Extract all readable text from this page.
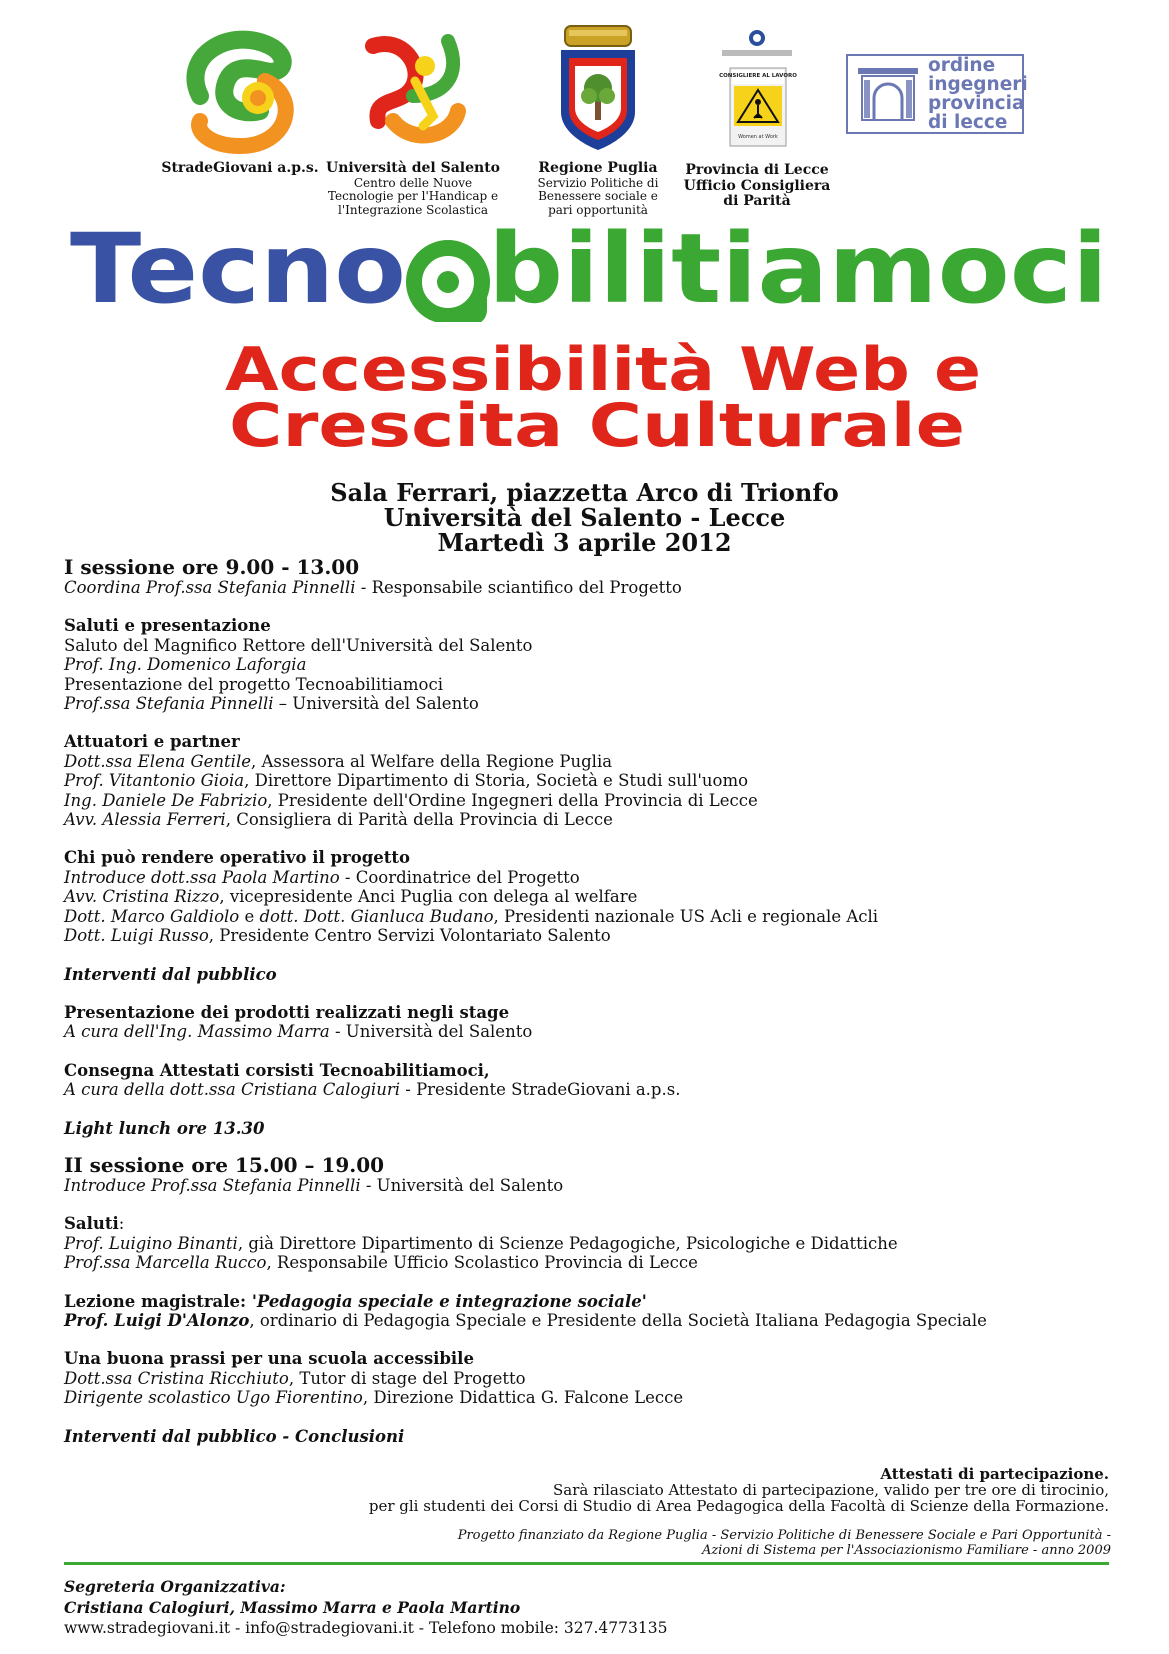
StradeGiovani a.p.s. Università del Salento
Centro delle Nuove
Tecnologie per l'Handicap e
l'Integrazione Scolastica
Regione Puglia
Servizio Politiche di
Benessere sociale e
pari opportunità
CONSIGLIERE AL LAVORO
Women at Work
Provincia di Lecce
Ufficio Consigliera
di Parità
ordine
ingegneri
provincia
di lecce
Tecno bilitiamoci
Accessibilità Web e
Crescita Culturale
Sala Ferrari, piazzetta Arco di Trionfo
Università del Salento - Lecce
Martedì 3 aprile 2012

I sessione ore 9.00 - 13.00

Coordina Prof.ssa Stefania Pinnelli - Responsabile sciantifico del Progetto

Saluti e presentazione

Saluto del Magnifico Rettore dell'Università del Salento

Prof. Ing. Domenico Laforgia

Presentazione del progetto Tecnoabilitiamoci

Prof.ssa Stefania Pinnelli – Università del Salento

Attuatori e partner

Dott.ssa Elena Gentile, Assessora al Welfare della Regione Puglia

Prof. Vitantonio Gioia, Direttore Dipartimento di Storia, Società e Studi sull'uomo

Ing. Daniele De Fabrizio, Presidente dell'Ordine Ingegneri della Provincia di Lecce

Avv. Alessia Ferreri, Consigliera di Parità della Provincia di Lecce

Chi può rendere operativo il progetto

Introduce dott.ssa Paola Martino - Coordinatrice del Progetto

Avv. Cristina Rizzo, vicepresidente Anci Puglia con delega al welfare

Dott. Marco Galdiolo e dott. Dott. Gianluca Budano, Presidenti nazionale US Acli e regionale Acli

Dott. Luigi Russo, Presidente Centro Servizi Volontariato Salento

Interventi dal pubblico

Presentazione dei prodotti realizzati negli stage

A cura dell'Ing. Massimo Marra - Università del Salento

Consegna Attestati corsisti Tecnoabilitiamoci,

A cura della dott.ssa Cristiana Calogiuri - Presidente StradeGiovani a.p.s.

Light lunch ore 13.30

II sessione ore 15.00 – 19.00

Introduce Prof.ssa Stefania Pinnelli - Università del Salento

Saluti:

Prof. Luigino Binanti, già Direttore Dipartimento di Scienze Pedagogiche, Psicologiche e Didattiche

Prof.ssa Marcella Rucco, Responsabile Ufficio Scolastico Provincia di Lecce

Lezione magistrale: 'Pedagogia speciale e integrazione sociale'

Prof. Luigi D'Alonzo, ordinario di Pedagogia Speciale e Presidente della Società Italiana Pedagogia Speciale

Una buona prassi per una scuola accessibile

Dott.ssa Cristina Ricchiuto, Tutor di stage del Progetto

Dirigente scolastico Ugo Fiorentino, Direzione Didattica G. Falcone Lecce

Interventi dal pubblico - Conclusioni

Attestati di partecipazione.
Sarà rilasciato Attestato di partecipazione, valido per tre ore di tirocinio,
per gli studenti dei Corsi di Studio di Area Pedagogica della Facoltà di Scienze della Formazione.
Progetto finanziato da Regione Puglia - Servizio Politiche di Benessere Sociale e Pari Opportunità -
Azioni di Sistema per l'Associazionismo Familiare - anno 2009
Segreteria Organizzativa:
Cristiana Calogiuri, Massimo Marra e Paola Martino
www.stradegiovani.it - info@stradegiovani.it - Telefono mobile: 327.4773135
